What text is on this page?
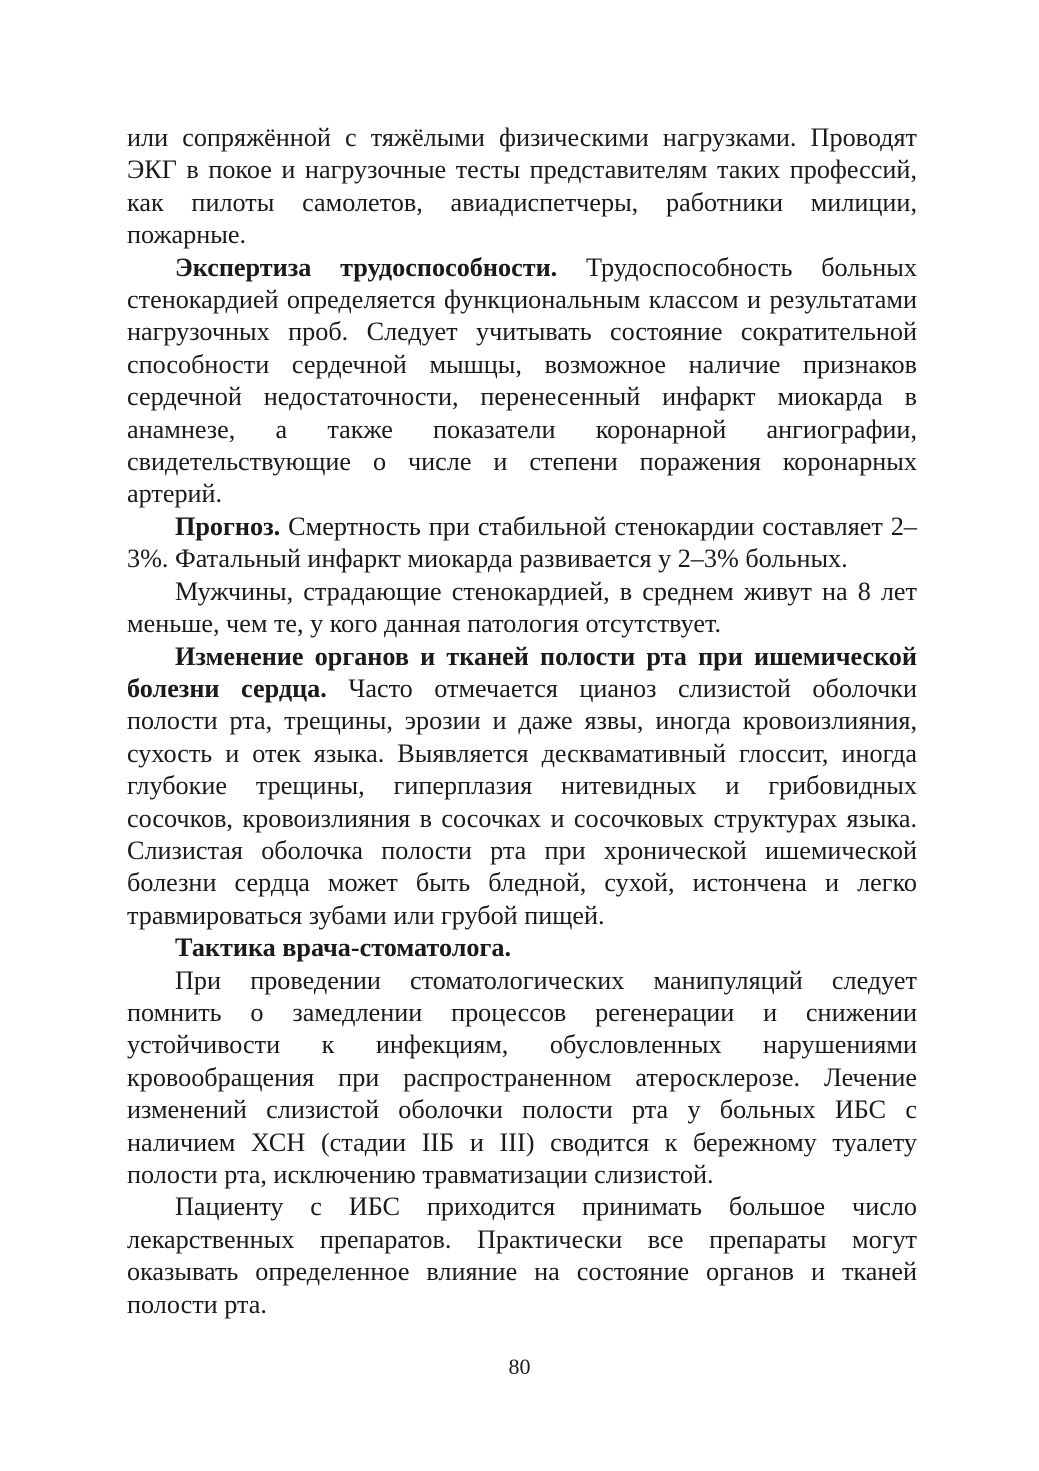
или сопряжённой с тяжёлыми физическими нагрузками. Проводят ЭКГ в покое и нагрузочные тесты представителям таких профессий, как пилоты самолетов, авиадиспетчеры, работники милиции, пожарные.

Экспертиза трудоспособности. Трудоспособность больных стенокардией определяется функциональным классом и результатами нагрузочных проб. Следует учитывать состояние сократительной способности сердечной мышцы, возможное наличие признаков сердечной недостаточности, перенесенный инфаркт миокарда в анамнезе, а также показатели коронарной ангиографии, свидетельствующие о числе и степени поражения коронарных артерий.

Прогноз. Смертность при стабильной стенокардии составляет 2–3%. Фатальный инфаркт миокарда развивается у 2–3% больных.

Мужчины, страдающие стенокардией, в среднем живут на 8 лет меньше, чем те, у кого данная патология отсутствует.

Изменение органов и тканей полости рта при ишемической болезни сердца. Часто отмечается цианоз слизистой оболочки полости рта, трещины, эрозии и даже язвы, иногда кровоизлияния, сухость и отек языка. Выявляется десквамативный глоссит, иногда глубокие трещины, гиперплазия нитевидных и грибовидных сосочков, кровоизлияния в сосочках и сосочковых структурах языка. Слизистая оболочка полости рта при хронической ишемической болезни сердца может быть бледной, сухой, истончена и легко травмироваться зубами или грубой пищей.

Тактика врача-стоматолога.

При проведении стоматологических манипуляций следует помнить о замедлении процессов регенерации и снижении устойчивости к инфекциям, обусловленных нарушениями кровообращения при распространенном атеросклерозе. Лечение изменений слизистой оболочки полости рта у больных ИБС с наличием ХСН (стадии IIБ и III) сводится к бережному туалету полости рта, исключению травматизации слизистой.

Пациенту с ИБС приходится принимать большое число лекарственных препаратов. Практически все препараты могут оказывать определенное влияние на состояние органов и тканей полости рта.

80
